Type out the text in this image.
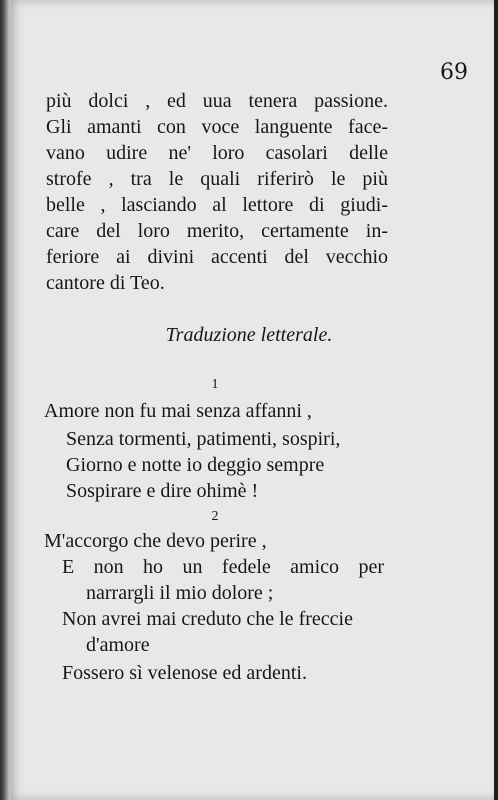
69
più dolci , ed uua tenera passione.
Gli amanti con voce languente face-
vano udire ne' loro casolari delle
strofe , tra le quali riferirò le più
belle , lasciando al lettore di giudi-
care del loro merito, certamente in-
feriore ai divini accenti del vecchio
cantore di Teo.
Traduzione letterale.
1
Amore non fu mai senza affanni ,
Senza tormenti, patimenti, sospiri,
Giorno e notte io deggio sempre
Sospirare e dire ohimè !
2
M'accorgo che devo perire ,
E non ho un fedele amico per
narrargli il mio dolore ;
Non avrei mai creduto che le freccie
d'amore
Fossero sì velenose ed ardenti.
